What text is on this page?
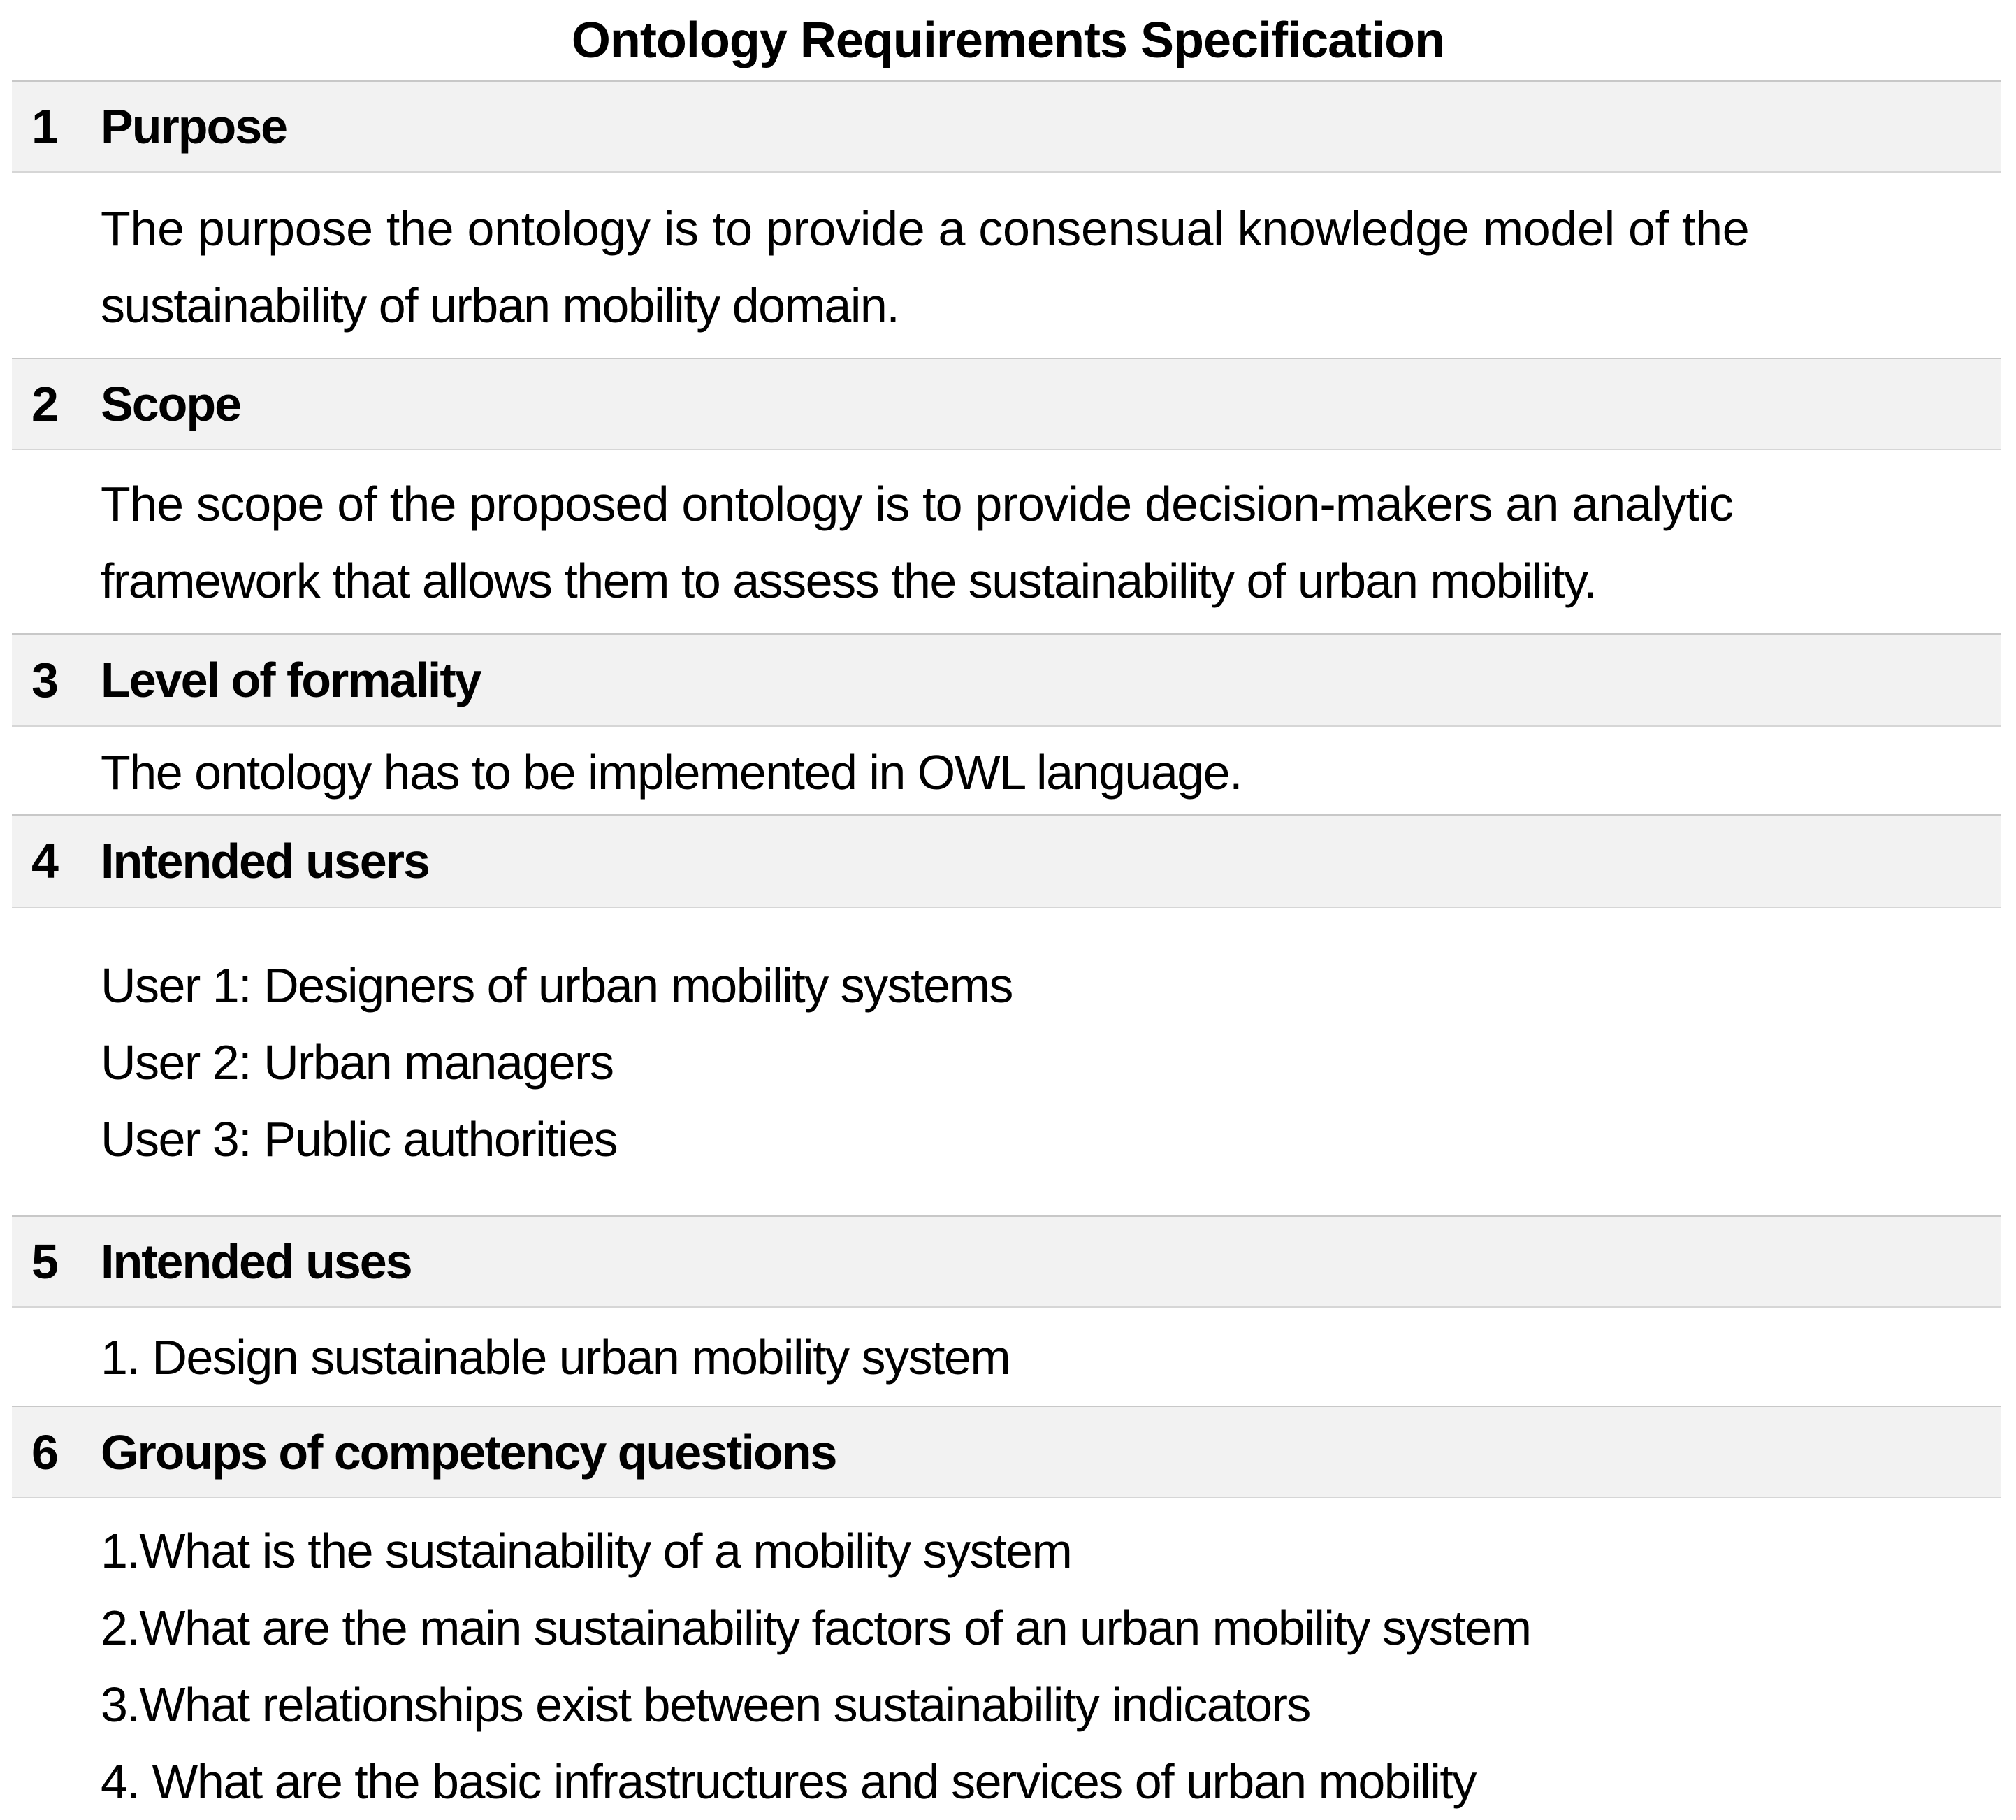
Ontology Requirements Specification
1 Purpose
The purpose the ontology is to provide a consensual knowledge model of the
sustainability of urban mobility domain.
2 Scope
The scope of the proposed ontology is to provide decision-makers an analytic
framework that allows them to assess the sustainability of urban mobility.
3 Level of formality
The ontology has to be implemented in OWL language.
4 Intended users
User 1: Designers of urban mobility systems
User 2: Urban managers
User 3: Public authorities
5 Intended uses
1. Design sustainable urban mobility system
6 Groups of competency questions
1.What is the sustainability of a mobility system
2.What are the main sustainability factors of an urban mobility system
3.What relationships exist between sustainability indicators
4. What are the basic infrastructures and services of urban mobility
